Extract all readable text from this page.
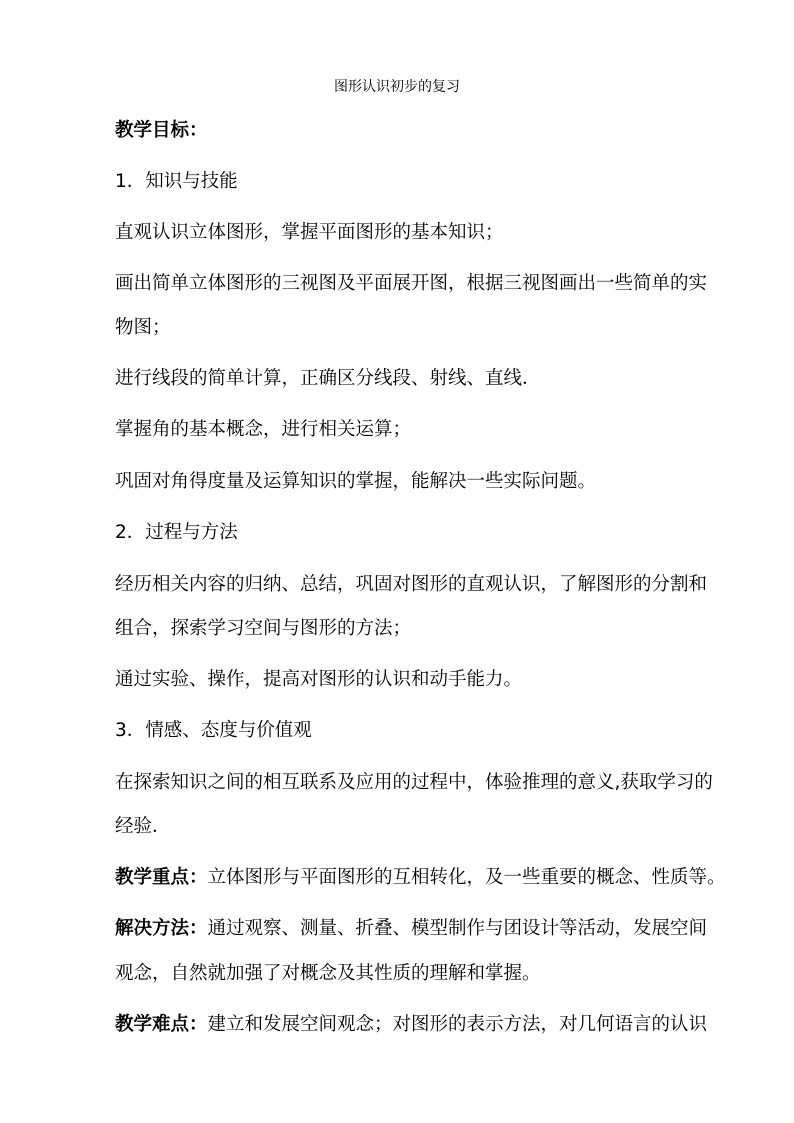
图形认识初步的复习
教学目标：
1．知识与技能
直观认识立体图形，掌握平面图形的基本知识；
画出简单立体图形的三视图及平面展开图，根据三视图画出一些简单的实
物图；
进行线段的简单计算，正确区分线段、射线、直线．
掌握角的基本概念，进行相关运算；
巩固对角得度量及运算知识的掌握，能解决一些实际问题。
2．过程与方法
经历相关内容的归纳、总结，巩固对图形的直观认识，了解图形的分割和
组合，探索学习空间与图形的方法；
通过实验、操作，提高对图形的认识和动手能力。
3．情感、态度与价值观
在探索知识之间的相互联系及应用的过程中，体验推理的意义,获取学习的
经验．
教学重点：立体图形与平面图形的互相转化，及一些重要的概念、性质等。
解决方法：通过观察、测量、折叠、模型制作与团设计等活动，发展空间
观念，自然就加强了对概念及其性质的理解和掌握。
教学难点：建立和发展空间观念；对图形的表示方法，对几何语言的认识
